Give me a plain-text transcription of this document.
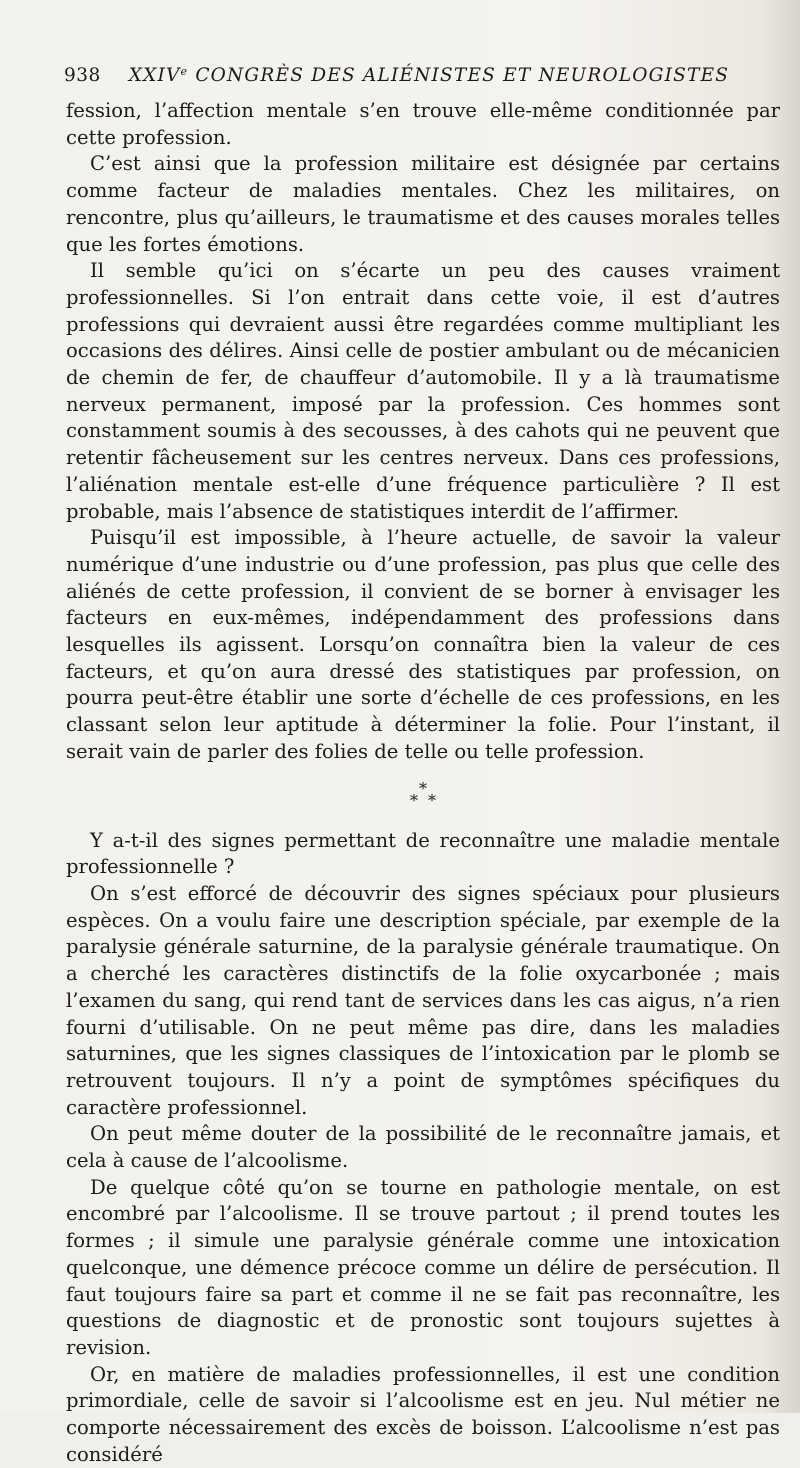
938 XXIVe CONGRÈS DES ALIÉNISTES ET NEUROLOGISTES

fession, l’affection mentale s’en trouve elle-même conditionnée par cette profession.

C’est ainsi que la profession militaire est désignée par certains comme facteur de maladies mentales. Chez les militaires, on rencontre, plus qu’ailleurs, le traumatisme et des causes morales telles que les fortes émotions.

Il semble qu’ici on s’écarte un peu des causes vraiment professionnelles. Si l’on entrait dans cette voie, il est d’autres professions qui devraient aussi être regardées comme multipliant les occasions des délires. Ainsi celle de postier ambulant ou de mécanicien de chemin de fer, de chauffeur d’automobile. Il y a là traumatisme nerveux permanent, imposé par la profession. Ces hommes sont constamment soumis à des secousses, à des cahots qui ne peuvent que retentir fâcheusement sur les centres nerveux. Dans ces professions, l’aliénation mentale est-elle d’une fréquence particulière ? Il est probable, mais l’absence de statistiques interdit de l’affirmer.

Puisqu’il est impossible, à l’heure actuelle, de savoir la valeur numérique d’une industrie ou d’une profession, pas plus que celle des aliénés de cette profession, il convient de se borner à envisager les facteurs en eux-mêmes, indépendamment des professions dans lesquelles ils agissent. Lorsqu’on connaîtra bien la valeur de ces facteurs, et qu’on aura dressé des statistiques par profession, on pourra peut-être établir une sorte d’échelle de ces professions, en les classant selon leur aptitude à déterminer la folie. Pour l’instant, il serait vain de parler des folies de telle ou telle profession.

*
* *

Y a-t-il des signes permettant de reconnaître une maladie mentale professionnelle ?

On s’est efforcé de découvrir des signes spéciaux pour plusieurs espèces. On a voulu faire une description spéciale, par exemple de la paralysie générale saturnine, de la paralysie générale traumatique. On a cherché les caractères distinctifs de la folie oxycarbonée ; mais l’examen du sang, qui rend tant de services dans les cas aigus, n’a rien fourni d’utilisable. On ne peut même pas dire, dans les maladies saturnines, que les signes classiques de l’intoxication par le plomb se retrouvent toujours. Il n’y a point de symptômes spécifiques du caractère professionnel.

On peut même douter de la possibilité de le reconnaître jamais, et cela à cause de l’alcoolisme.

De quelque côté qu’on se tourne en pathologie mentale, on est encombré par l’alcoolisme. Il se trouve partout ; il prend toutes les formes ; il simule une paralysie générale comme une intoxication quelconque, une démence précoce comme un délire de persécution. Il faut toujours faire sa part et comme il ne se fait pas reconnaître, les questions de diagnostic et de pronostic sont toujours sujettes à revision.

Or, en matière de maladies professionnelles, il est une condition primordiale, celle de savoir si l’alcoolisme est en jeu. Nul métier ne comporte nécessairement des excès de boisson. L’alcoolisme n’est pas considéré
